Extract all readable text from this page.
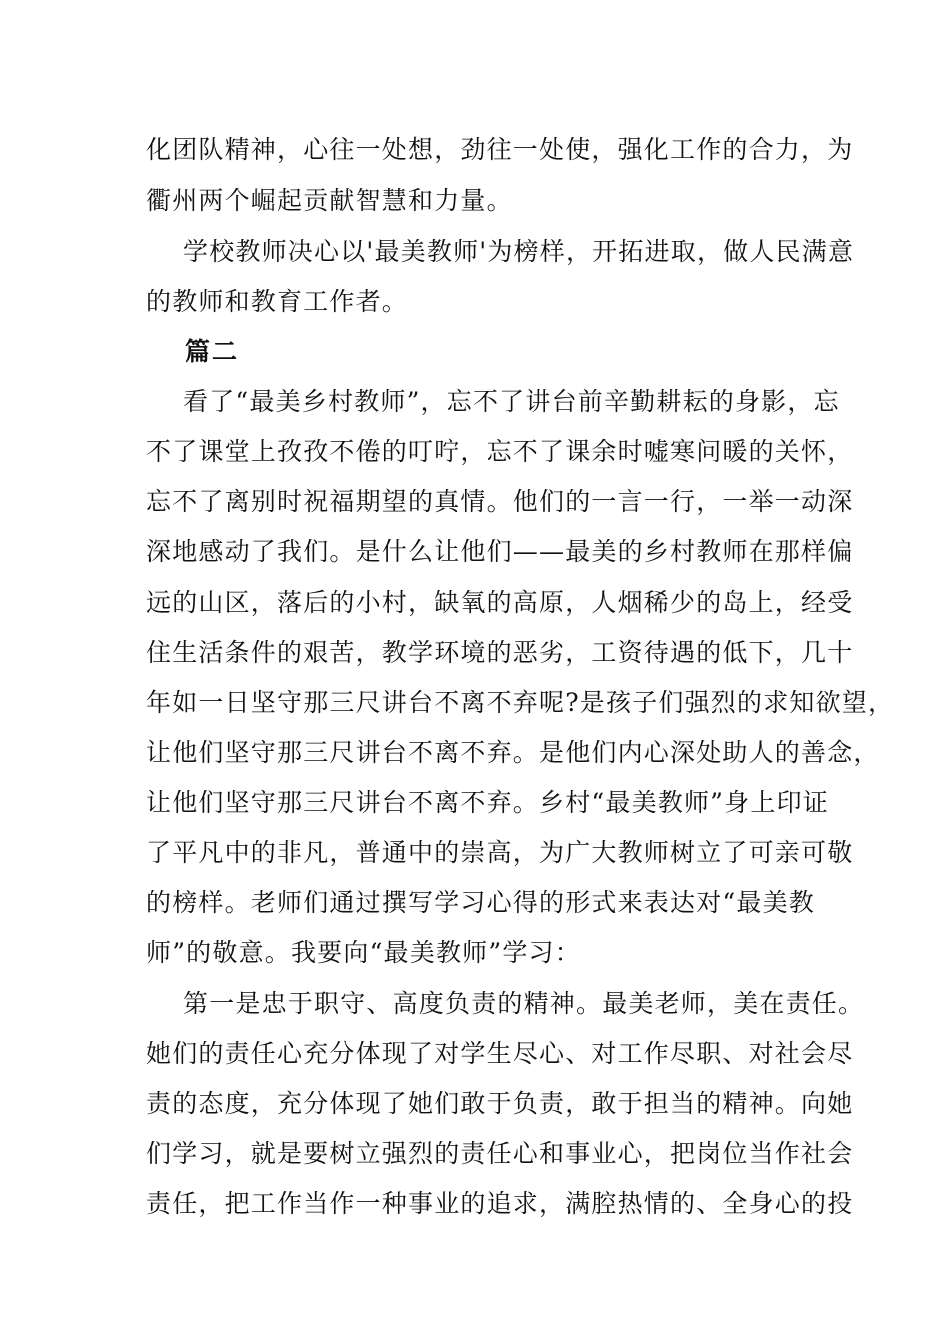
化团队精神，心往一处想，劲往一处使，强化工作的合力，为
衢州两个崛起贡献智慧和力量。
学校教师决心以'最美教师'为榜样，开拓进取，做人民满意
的教师和教育工作者。
篇二
看了“最美乡村教师”，忘不了讲台前辛勤耕耘的身影，忘
不了课堂上孜孜不倦的叮咛，忘不了课余时嘘寒问暖的关怀，
忘不了离别时祝福期望的真情。他们的一言一行，一举一动深
深地感动了我们。是什么让他们——最美的乡村教师在那样偏
远的山区，落后的小村，缺氧的高原，人烟稀少的岛上，经受
住生活条件的艰苦，教学环境的恶劣，工资待遇的低下，几十
年如一日坚守那三尺讲台不离不弃呢?是孩子们强烈的求知欲望，
让他们坚守那三尺讲台不离不弃。是他们内心深处助人的善念，
让他们坚守那三尺讲台不离不弃。乡村“最美教师”身上印证
了平凡中的非凡，普通中的崇高，为广大教师树立了可亲可敬
的榜样。老师们通过撰写学习心得的形式来表达对“最美教
师”的敬意。我要向“最美教师”学习：
第一是忠于职守、高度负责的精神。最美老师，美在责任。
她们的责任心充分体现了对学生尽心、对工作尽职、对社会尽
责的态度，充分体现了她们敢于负责，敢于担当的精神。向她
们学习，就是要树立强烈的责任心和事业心，把岗位当作社会
责任，把工作当作一种事业的追求，满腔热情的、全身心的投
